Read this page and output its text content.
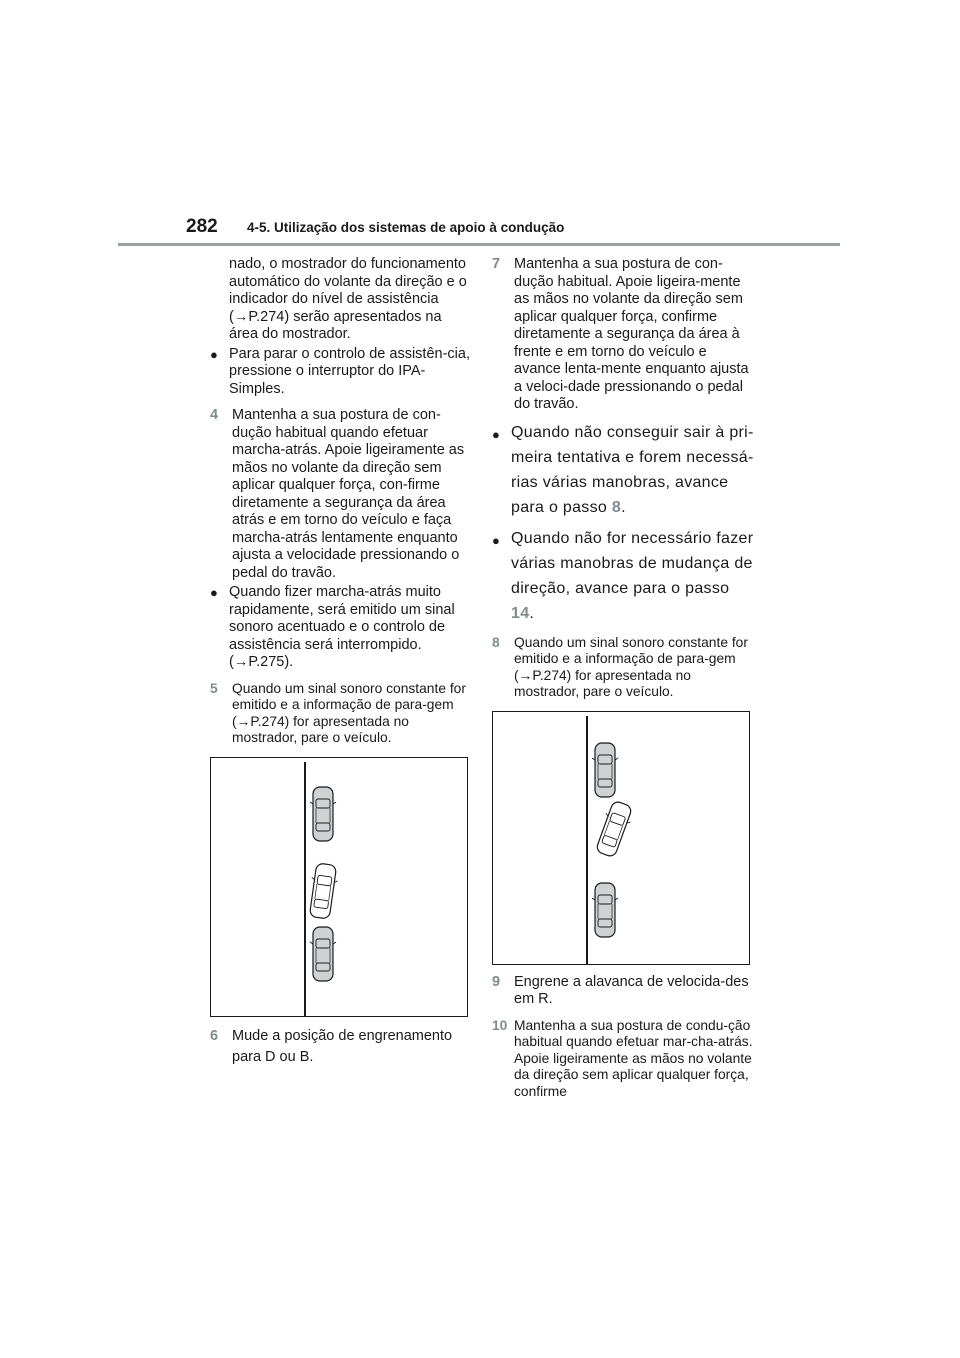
282 4-5. Utilização dos sistemas de apoio à condução

nado, o mostrador do funcionamento automático do volante da direção e o indicador do nível de assistência (→P.274) serão apresentados na área do mostrador.

● Para parar o controlo de assistên-cia, pressione o interruptor do IPA-Simples.
4 Mantenha a sua postura de con-dução habitual quando efetuar marcha-atrás. Apoie ligeiramente as mãos no volante da direção sem aplicar qualquer força, con-firme diretamente a segurança da área atrás e em torno do veículo e faça marcha-atrás lentamente enquanto ajusta a velocidade pressionando o pedal do travão.
● Quando fizer marcha-atrás muito rapidamente, será emitido um sinal sonoro acentuado e o controlo de assistência será interrompido. (→P.275).
5 Quando um sinal sonoro constante for emitido e a informação de para-gem (→P.274) for apresentada no mostrador, pare o veículo.
6 Mude a posição de engrenamento para D ou B.
7 Mantenha a sua postura de con-dução habitual. Apoie ligeira-mente as mãos no volante da direção sem aplicar qualquer força, confirme diretamente a segurança da área à frente e em torno do veículo e avance lenta-mente enquanto ajusta a veloci-dade pressionando o pedal do travão.
● Quando não conseguir sair à pri-meira tentativa e forem necessá-rias várias manobras, avance para o passo 8.
● Quando não for necessário fazer várias manobras de mudança de direção, avance para o passo 14.
8 Quando um sinal sonoro constante for emitido e a informação de para-gem (→P.274) for apresentada no mostrador, pare o veículo.
9 Engrene a alavanca de velocida-des em R.
10 Mantenha a sua postura de condu-ção habitual quando efetuar mar-cha-atrás. Apoie ligeiramente as mãos no volante da direção sem aplicar qualquer força, confirme
